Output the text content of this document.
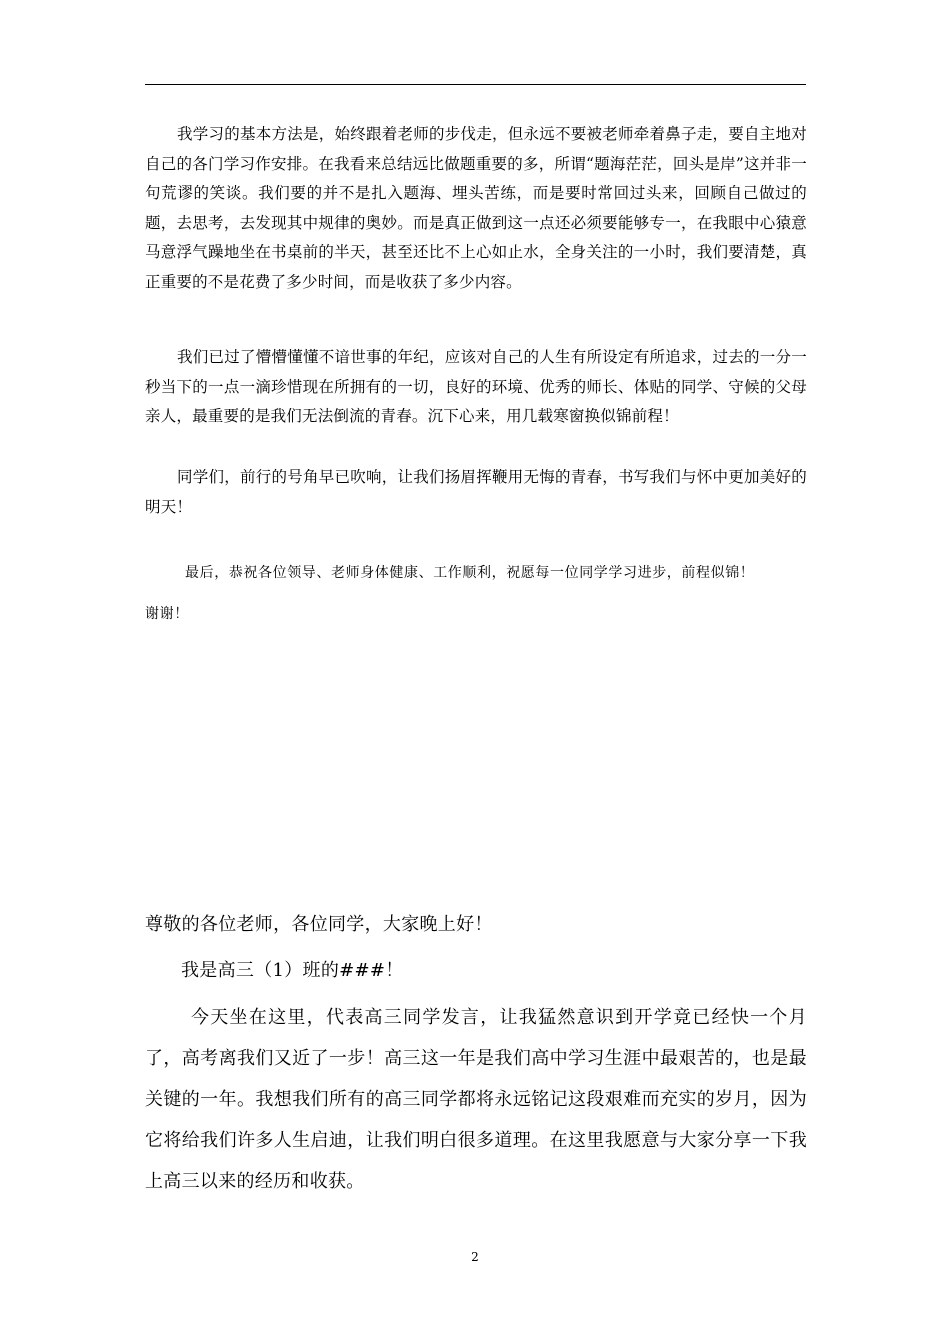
我学习的基本方法是，始终跟着老师的步伐走，但永远不要被老师牵着鼻子走，要自主地对自己的各门学习作安排。在我看来总结远比做题重要的多，所谓“题海茫茫，回头是岸”这并非一句荒谬的笑谈。我们要的并不是扎入题海、埋头苦练，而是要时常回过头来，回顾自己做过的题，去思考，去发现其中规律的奥妙。而是真正做到这一点还必须要能够专一，在我眼中心猿意马意浮气躁地坐在书桌前的半天，甚至还比不上心如止水，全身关注的一小时，我们要清楚，真正重要的不是花费了多少时间，而是收获了多少内容。

我们已过了懵懵懂懂不谙世事的年纪，应该对自己的人生有所设定有所追求，过去的一分一秒当下的一点一滴珍惜现在所拥有的一切，良好的环境、优秀的师长、体贴的同学、守候的父母亲人，最重要的是我们无法倒流的青春。沉下心来，用几载寒窗换似锦前程！

同学们，前行的号角早已吹响，让我们扬眉挥鞭用无悔的青春，书写我们与怀中更加美好的明天！

最后，恭祝各位领导、老师身体健康、工作顺利，祝愿每一位同学学习进步，前程似锦！
谢谢！

尊敬的各位老师，各位同学，大家晚上好！

我是高三（1）班的###！

今天坐在这里，代表高三同学发言，让我猛然意识到开学竟已经快一个月了，高考离我们又近了一步！高三这一年是我们高中学习生涯中最艰苦的，也是最关键的一年。我想我们所有的高三同学都将永远铭记这段艰难而充实的岁月，因为它将给我们许多人生启迪，让我们明白很多道理。在这里我愿意与大家分享一下我上高三以来的经历和收获。

2
